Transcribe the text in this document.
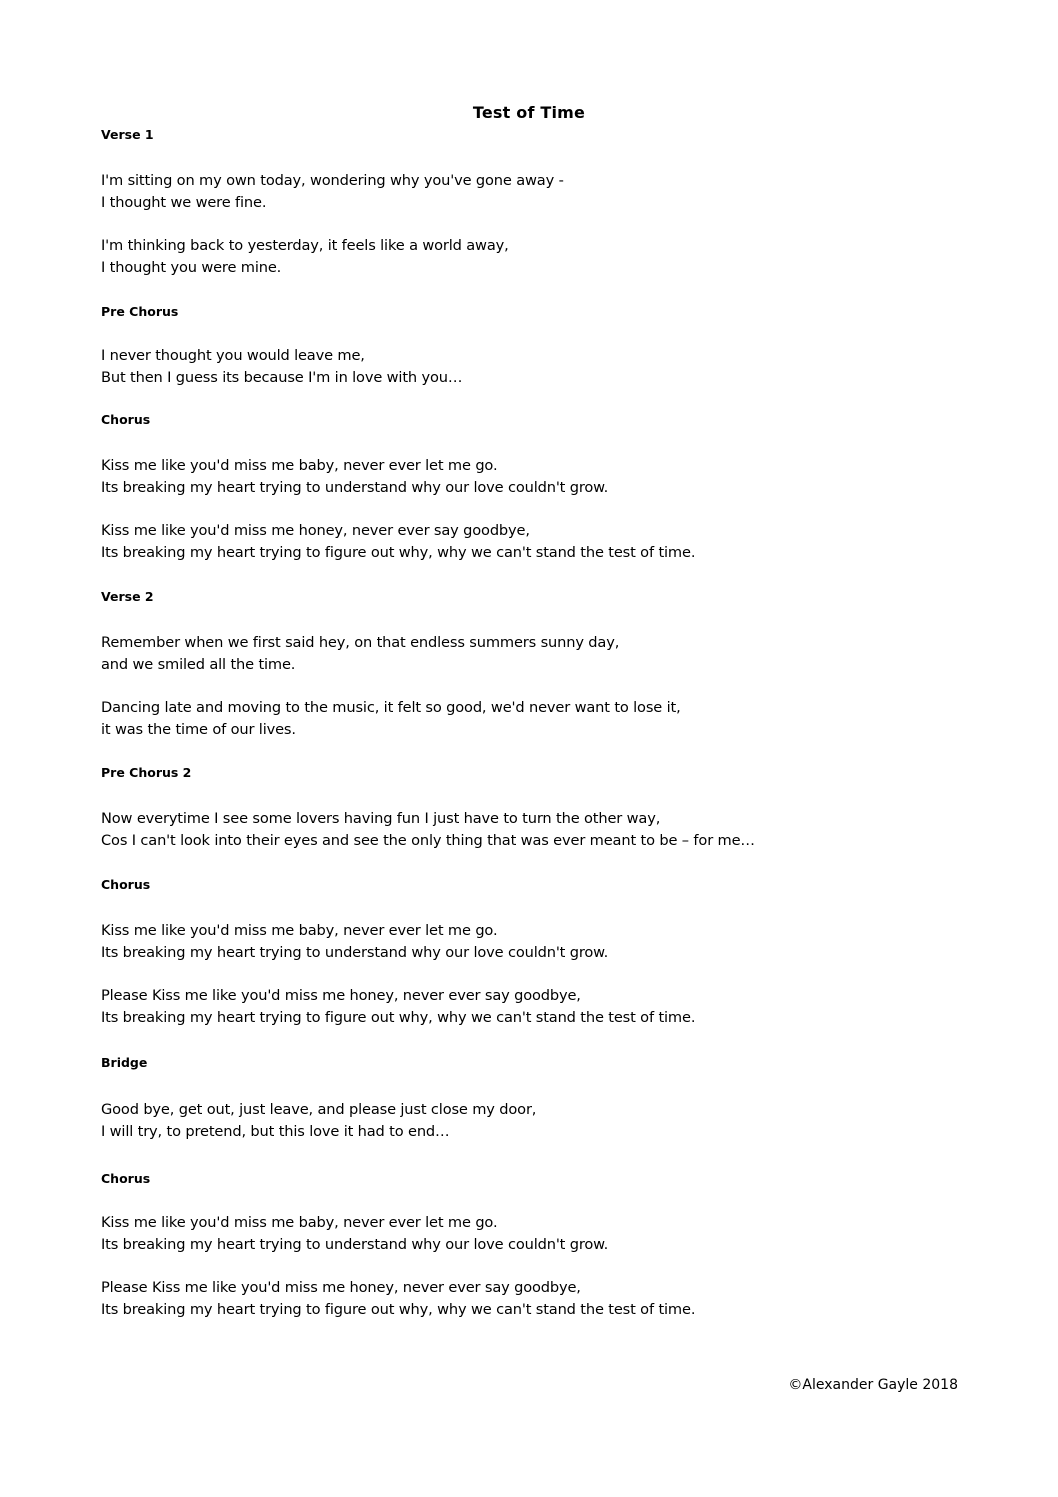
Test of Time
Verse 1
I'm sitting on my own today, wondering why you've gone away -
I thought we were fine.
I'm thinking back to yesterday, it feels like a world away,
I thought you were mine.
Pre Chorus
I never thought you would leave me,
But then I guess its because I'm in love with you…
Chorus
Kiss me like you'd miss me baby, never ever let me go.
Its breaking my heart trying to understand why our love couldn't grow.
Kiss me like you'd miss me honey, never ever say goodbye,
Its breaking my heart trying to figure out why, why we can't stand the test of time.
Verse 2
Remember when we first said hey, on that endless summers sunny day,
and we smiled all the time.
Dancing late and moving to the music, it felt so good, we'd never want to lose it,
it was the time of our lives.
Pre Chorus 2
Now everytime I see some lovers having fun I just have to turn the other way,
Cos I can't look into their eyes and see the only thing that was ever meant to be – for me…
Chorus
Kiss me like you'd miss me baby, never ever let me go.
Its breaking my heart trying to understand why our love couldn't grow.
Please Kiss me like you'd miss me honey, never ever say goodbye,
Its breaking my heart trying to figure out why, why we can't stand the test of time.
Bridge
Good bye, get out, just leave, and please just close my door,
I will try, to pretend, but this love it had to end…
Chorus
Kiss me like you'd miss me baby, never ever let me go.
Its breaking my heart trying to understand why our love couldn't grow.
Please Kiss me like you'd miss me honey, never ever say goodbye,
Its breaking my heart trying to figure out why, why we can't stand the test of time.
©Alexander Gayle 2018
